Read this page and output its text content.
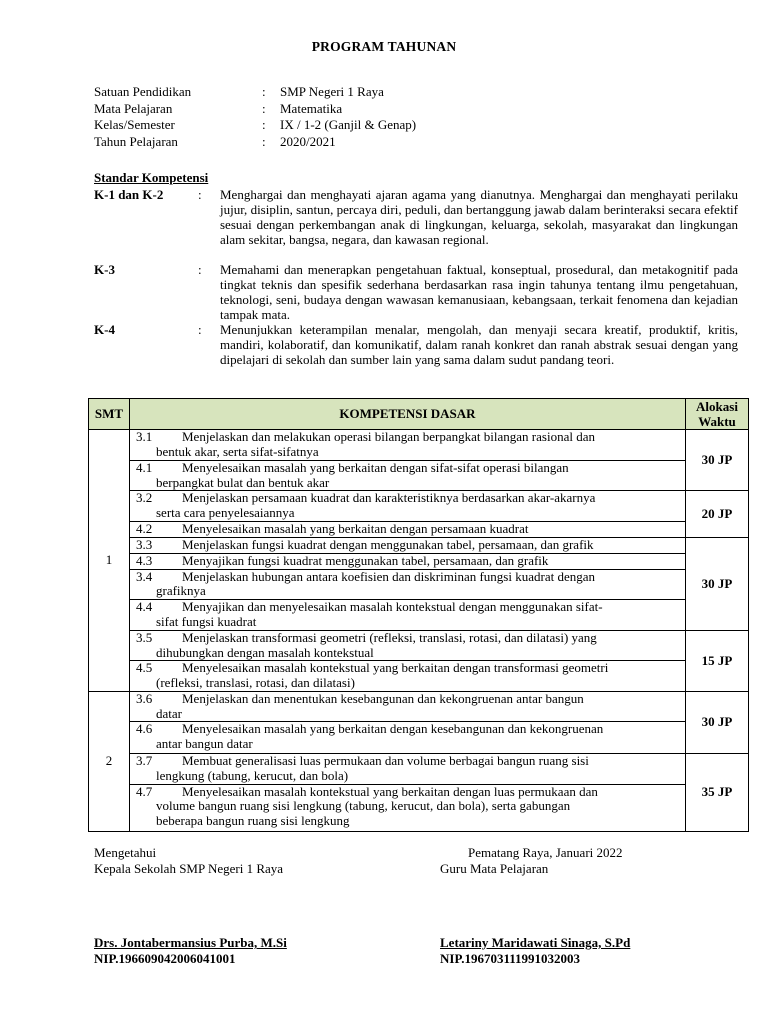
PROGRAM TAHUNAN
Satuan Pendidikan	:	SMP Negeri 1 Raya
Mata Pelajaran	:	Matematika
Kelas/Semester	:	IX / 1-2 (Ganjil & Genap)
Tahun Pelajaran	:	2020/2021
Standar Kompetensi
K-1 dan K-2	:	Menghargai dan menghayati ajaran agama yang dianutnya. Menghargai dan menghayati perilaku jujur, disiplin, santun, percaya diri, peduli, dan bertanggung jawab dalam berinteraksi secara efektif sesuai dengan perkembangan anak di lingkungan, keluarga, sekolah, masyarakat dan lingkungan alam sekitar, bangsa, negara, dan kawasan regional.
K-3	:	Memahami dan menerapkan pengetahuan faktual, konseptual, prosedural, dan metakognitif pada tingkat teknis dan spesifik sederhana berdasarkan rasa ingin tahunya tentang ilmu pengetahuan, teknologi, seni, budaya dengan wawasan kemanusiaan, kebangsaan, terkait fenomena dan kejadian tampak mata.
K-4	:	Menunjukkan keterampilan menalar, mengolah, dan menyaji secara kreatif, produktif, kritis, mandiri, kolaboratif, dan komunikatif, dalam ranah konkret dan ranah abstrak sesuai dengan yang dipelajari di sekolah dan sumber lain yang sama dalam sudut pandang teori.
SMT	KOMPETENSI DASAR	Alokasi Waktu
1	3.1 Menjelaskan dan melakukan operasi bilangan berpangkat bilangan rasional dan
bentuk akar, serta sifat-sifatnya	30 JP

	4.1 Menyelesaikan masalah yang berkaitan dengan sifat-sifat operasi bilangan
berpangkat bulat dan bentuk akar	

	3.2 Menjelaskan persamaan kuadrat dan karakteristiknya berdasarkan akar-akarnya
serta cara penyelesaiannya	20 JP

	4.2 Menyelesaikan masalah yang berkaitan dengan persamaan kuadrat	

	3.3 Menjelaskan fungsi kuadrat dengan menggunakan tabel, persamaan, dan grafik	30 JP

	4.3 Menyajikan fungsi kuadrat menggunakan tabel, persamaan, dan grafik	

	3.4 Menjelaskan hubungan antara koefisien dan diskriminan fungsi kuadrat dengan
grafiknya	

	4.4 Menyajikan dan menyelesaikan masalah kontekstual dengan menggunakan sifat-
sifat fungsi kuadrat	

	3.5 Menjelaskan transformasi geometri (refleksi, translasi, rotasi, dan dilatasi) yang
dihubungkan dengan masalah kontekstual	15 JP

	4.5 Menyelesaikan masalah kontekstual yang berkaitan dengan transformasi geometri
(refleksi, translasi, rotasi, dan dilatasi)	

2	3.6 Menjelaskan dan menentukan kesebangunan dan kekongruenan antar bangun
datar	30 JP

	4.6 Menyelesaikan masalah yang berkaitan dengan kesebangunan dan kekongruenan
antar bangun datar	

	3.7 Membuat generalisasi luas permukaan dan volume berbagai bangun ruang sisi
lengkung (tabung, kerucut, dan bola)	35 JP

	4.7 Menyelesaikan masalah kontekstual yang berkaitan dengan luas permukaan dan
volume bangun ruang sisi lengkung (tabung, kerucut, dan bola), serta gabungan
beberapa bangun ruang sisi lengkung	
Mengetahui
Kepala Sekolah SMP Negeri 1 Raya
Drs. Jontabermansius Purba, M.Si
NIP.196609042006041001
Pematang Raya, Januari 2022
Guru Mata Pelajaran
Letariny Maridawati Sinaga, S.Pd
NIP.196703111991032003
